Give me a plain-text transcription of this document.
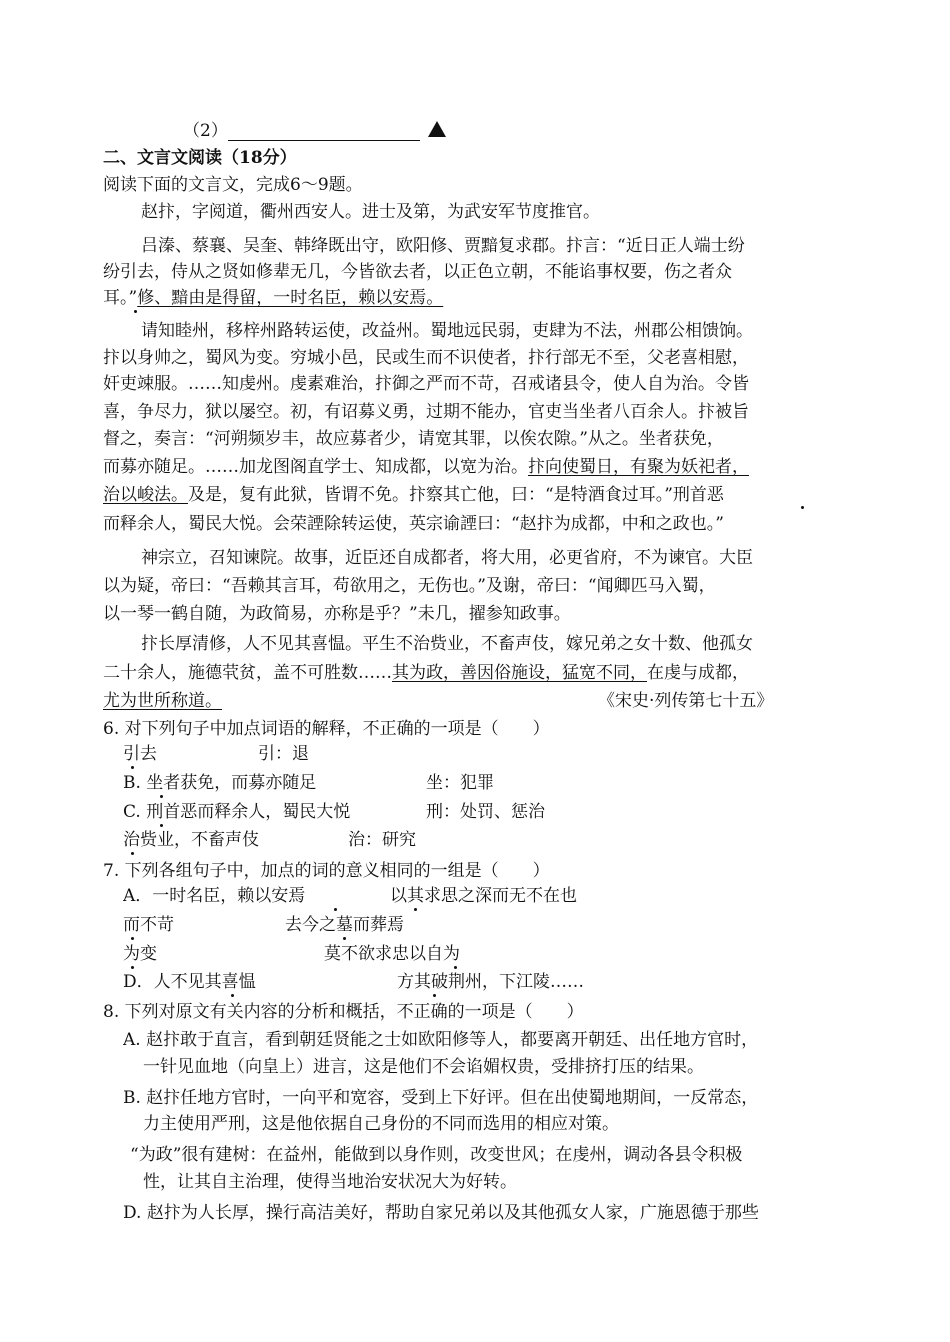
（2）
二、文言文阅读（18分）
阅读下面的文言文，完成6～9题。
赵抃，字阅道，衢州西安人。进士及第，为武安军节度推官。
吕溱、蔡襄、吴奎、韩绛既出守，欧阳修、贾黯复求郡。抃言：“近日正人端士纷
纷引去，侍从之贤如修辈无几，今皆欲去者，以正色立朝，不能谄事权要，伤之者众
耳。”修、黯由是得留，一时名臣，赖以安焉。
请知睦州，移梓州路转运使，改益州。蜀地远民弱，吏肆为不法，州郡公相馈饷。
抃以身帅之，蜀风为变。穷城小邑，民或生而不识使者，抃行部无不至，父老喜相慰，
奸吏竦服。……知虔州。虔素难治，抃御之严而不苛，召戒诸县令，使人自为治。令皆
喜，争尽力，狱以屡空。初，有诏募义勇，过期不能办，官吏当坐者八百余人。抃被旨
督之，奏言：“河朔频岁丰，故应募者少，请宽其罪，以俟农隙。”从之。坐者获免，
而募亦随足。……加龙图阁直学士、知成都，以宽为治。抃向使蜀日，有聚为妖祀者，
治以峻法。及是，复有此狱，皆谓不免。抃察其亡他，曰：“是特酒食过耳。”刑首恶
而释余人，蜀民大悦。会荣諲除转运使，英宗谕諲曰：“赵抃为成都，中和之政也。”
神宗立，召知谏院。故事，近臣还自成都者，将大用，必更省府，不为谏官。大臣
以为疑，帝曰：“吾赖其言耳，苟欲用之，无伤也。”及谢，帝曰：“闻卿匹马入蜀，
以一琴一鹤自随，为政简易，亦称是乎？”未几，擢参知政事。
抃长厚清修，人不见其喜愠。平生不治赀业，不畜声伎，嫁兄弟之女十数、他孤女
二十余人，施德茕贫，盖不可胜数……其为政，善因俗施设，猛宽不同，在虔与成都，
尤为世所称道。	《宋史·列传第七十五》
6. 对下列句子中加点词语的解释，不正确的一项是（　　）
引去	引：退
B. 坐者获免，而募亦随足	坐：犯罪
C. 刑首恶而释余人，蜀民大悦	刑：处罚、惩治
治赀业，不畜声伎	治：研究
7. 下列各组句子中，加点的词的意义相同的一组是（　　）
A．一时名臣，赖以安焉	以其求思之深而无不在也
而不苛	去今之墓而葬焉
为变	莫不欲求忠以自为
D．人不见其喜愠	方其破荆州，下江陵……
8. 下列对原文有关内容的分析和概括，不正确的一项是（　　）
A. 赵抃敢于直言，看到朝廷贤能之士如欧阳修等人，都要离开朝廷、出任地方官时，
一针见血地（向皇上）进言，这是他们不会谄媚权贵，受排挤打压的结果。
B. 赵抃任地方官时，一向平和宽容，受到上下好评。但在出使蜀地期间，一反常态，
力主使用严刑，这是他依据自己身份的不同而选用的相应对策。
“为政”很有建树：在益州，能做到以身作则，改变世风；在虔州，调动各县令积极
性，让其自主治理，使得当地治安状况大为好转。
D. 赵抃为人长厚，操行高洁美好，帮助自家兄弟以及其他孤女人家，广施恩德于那些
